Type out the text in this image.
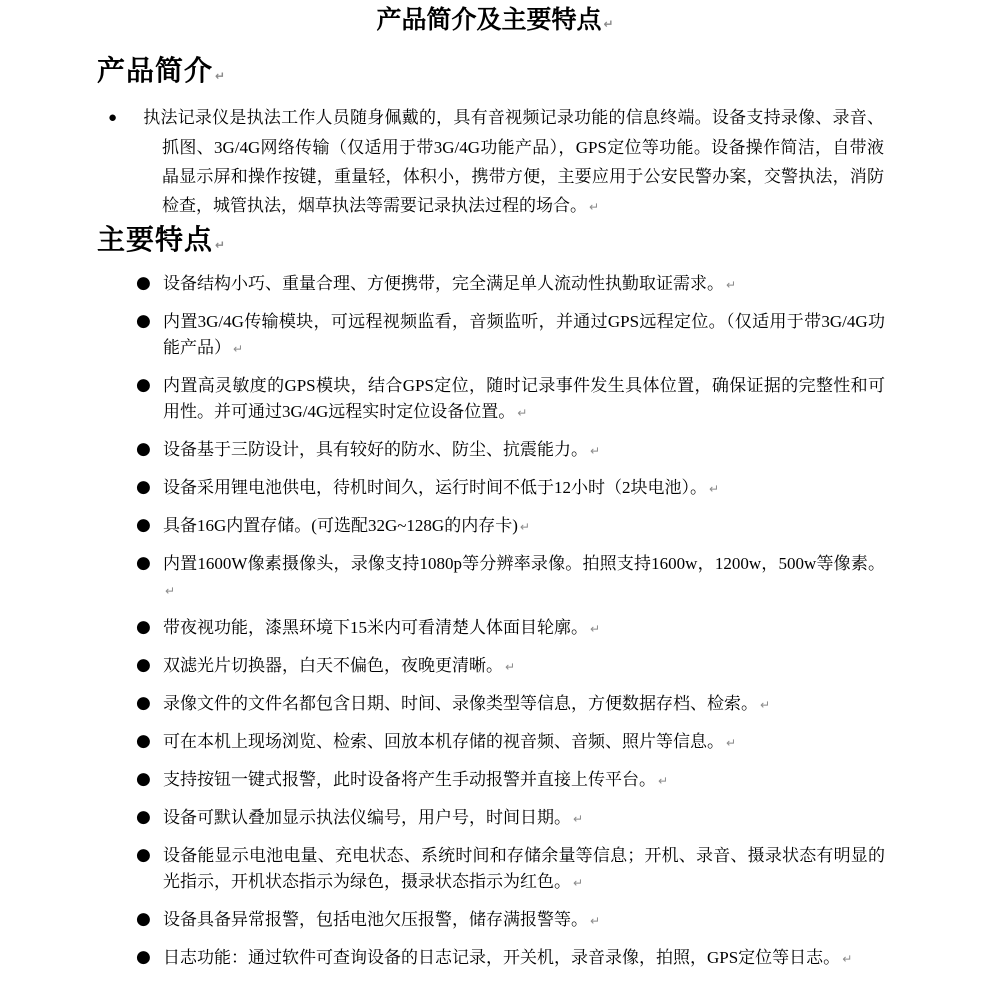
产品简介及主要特点 ↵
产品简介 ↵

● 执法记录仪是执法工作人员随身佩戴的，具有音视频记录功能的信息终端。设备支持录像、录音、抓图、3G/4G网络传输（仅适用于带3G/4G功能产品），GPS定位等功能。设备操作简洁，自带液晶显示屏和操作按键，重量轻，体积小，携带方便，主要应用于公安民警办案，交警执法，消防检查，城管执法，烟草执法等需要记录执法过程的场合。 ↵

主要特点 ↵
● 设备结构小巧、重量合理、方便携带，完全满足单人流动性执勤取证需求。 ↵
● 内置3G/4G传输模块，可远程视频监看，音频监听，并通过GPS远程定位。（仅适用于带3G/4G功能产品） ↵
● 内置高灵敏度的GPS模块，结合GPS定位，随时记录事件发生具体位置，确保证据的完整性和可用性。并可通过3G/4G远程实时定位设备位置。 ↵
● 设备基于三防设计，具有较好的防水、防尘、抗震能力。 ↵
● 设备采用锂电池供电，待机时间久，运行时间不低于12小时（2块电池）。 ↵
● 具备16G内置存储。(可选配32G~128G的内存卡) ↵
● 内置1600W像素摄像头，录像支持1080p等分辨率录像。拍照支持1600w，1200w，500w等像素。↵
● 带夜视功能，漆黑环境下15米内可看清楚人体面目轮廓。 ↵
● 双滤光片切换器，白天不偏色，夜晚更清晰。 ↵
● 录像文件的文件名都包含日期、时间、录像类型等信息，方便数据存档、检索。 ↵
● 可在本机上现场浏览、检索、回放本机存储的视音频、音频、照片等信息。 ↵
● 支持按钮一键式报警，此时设备将产生手动报警并直接上传平台。 ↵
● 设备可默认叠加显示执法仪编号，用户号，时间日期。 ↵
● 设备能显示电池电量、充电状态、系统时间和存储余量等信息；开机、录音、摄录状态有明显的光指示，开机状态指示为绿色，摄录状态指示为红色。 ↵
● 设备具备异常报警，包括电池欠压报警，储存满报警等。 ↵
● 日志功能：通过软件可查询设备的日志记录，开关机，录音录像，拍照，GPS定位等日志。 ↵
